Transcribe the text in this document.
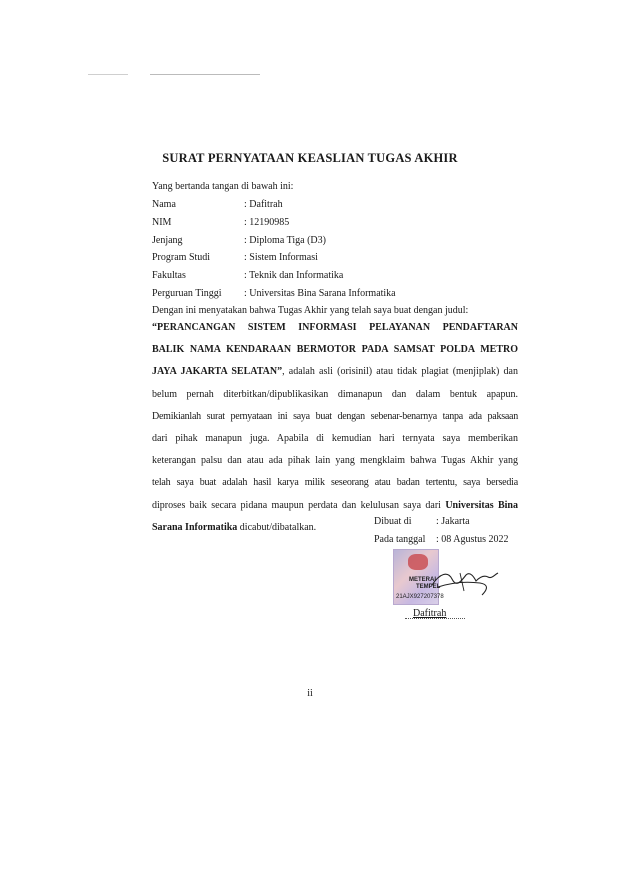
SURAT PERNYATAAN KEASLIAN TUGAS AKHIR
Yang bertanda tangan di bawah ini:
Nama	: Dafitrah
NIM	: 12190985
Jenjang	: Diploma Tiga (D3)
Program Studi	: Sistem Informasi
Fakultas	: Teknik dan Informatika
Perguruan Tinggi	: Universitas Bina Sarana Informatika
Dengan ini menyatakan bahwa Tugas Akhir yang telah saya buat dengan judul:
“PERANCANGAN SISTEM INFORMASI PELAYANAN PENDAFTARAN
BALIK NAMA KENDARAAN BERMOTOR PADA SAMSAT POLDA METRO
JAYA JAKARTA SELATAN”, adalah asli (orisinil) atau tidak plagiat (menjiplak) dan
belum pernah diterbitkan/dipublikasikan dimanapun dan dalam bentuk apapun.
Demikianlah surat pernyataan ini saya buat dengan sebenar-benarnya tanpa ada paksaan
dari pihak manapun juga. Apabila di kemudian hari ternyata saya memberikan
keterangan palsu dan atau ada pihak lain yang mengklaim bahwa Tugas Akhir yang
telah saya buat adalah hasil karya milik seseorang atau badan tertentu, saya bersedia
diproses baik secara pidana maupun perdata dan kelulusan saya dari Universitas Bina
Sarana Informatika dicabut/dibatalkan.
Dibuat di : Jakarta
Pada tanggal : 08 Agustus 2022
METERAI
TEMPEL
21AJX927207378
Dafitrah
ii
